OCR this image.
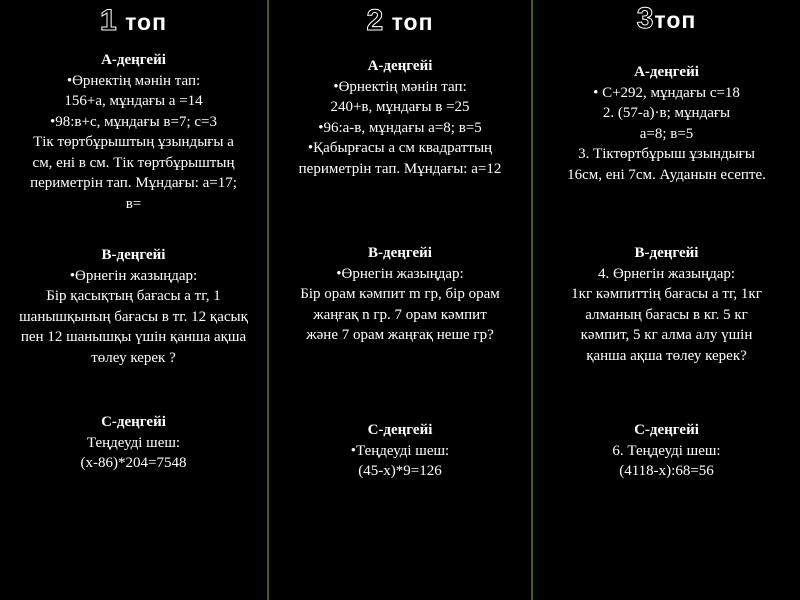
1 топ
А-деңгейі
•Өрнектің мәнін тап:
156+а, мұндағы а =14
•98:в+с, мұндағы в=7; с=3
Тік төртбұрыштың ұзындығы а
см, ені в см. Тік төртбұрыштың
периметрін тап. Мұндағы: а=17;
в=
В-деңгейі
•Өрнегін жазыңдар:
Бір қасықтың бағасы а тг, 1
шанышқының бағасы в тг. 12 қасық
пен 12 шанышқы үшін қанша ақша
төлеу керек ?
С-деңгейі
Теңдеуді шеш:
(х-86)*204=7548
2 топ
А-деңгейі
•Өрнектің мәнін тап:
240+в, мұндағы в =25
•96:а-в, мұндағы а=8; в=5
•Қабырғасы а см квадраттың
периметрін тап. Мұндағы: а=12
В-деңгейі
•Өрнегін жазыңдар:
Бір орам кәмпит m гр, бір орам
жаңғақ n гр. 7 орам кәмпит
және 7 орам жаңғақ неше гр?
С-деңгейі
•Теңдеуді шеш:
(45-х)*9=126
3топ
А-деңгейі
• С+292, мұндағы с=18
2. (57-а)·в; мұндағы
а=8; в=5
3. Тіктөртбұрыш ұзындығы
16см, ені 7см. Ауданын есепте.
В-деңгейі
4. Өрнегін жазыңдар:
1кг кәмпиттің бағасы а тг, 1кг
алманың бағасы в кг. 5 кг
кәмпит, 5 кг алма алу үшін
қанша ақша төлеу керек?
С-деңгейі
6. Теңдеуді шеш:
(4118-х):68=56
